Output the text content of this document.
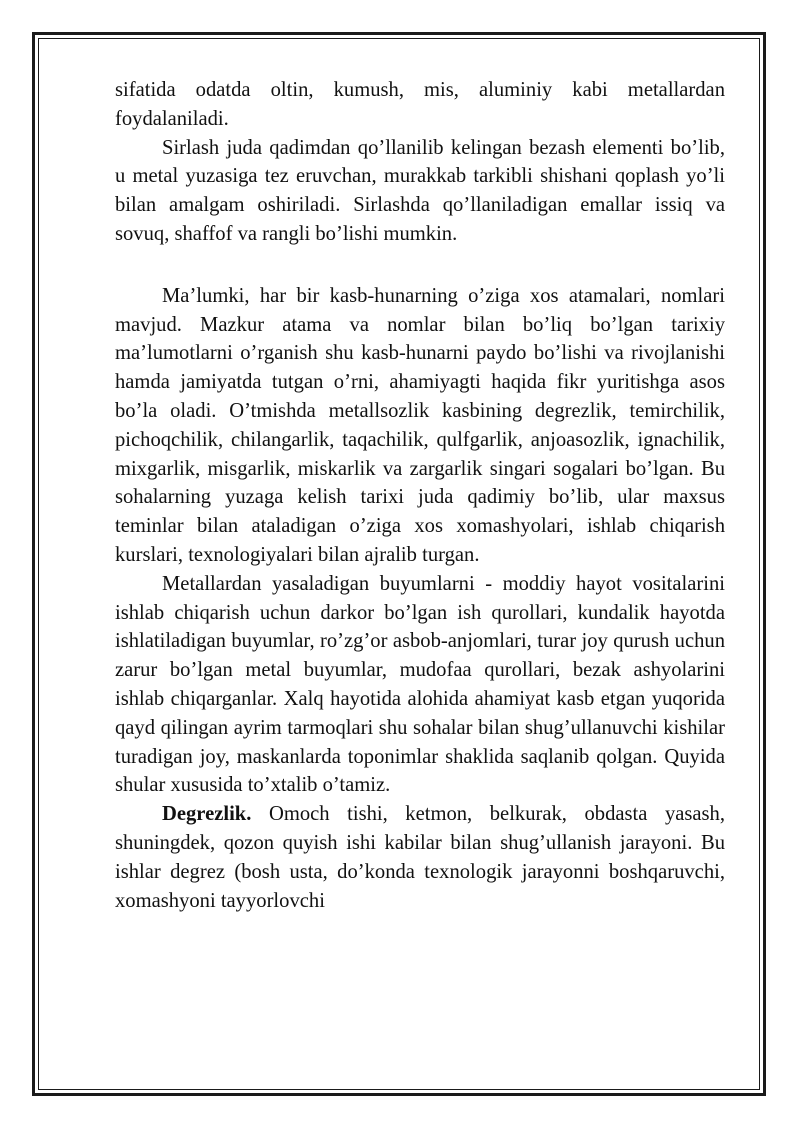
sifatida odatda oltin, kumush, mis, aluminiy kabi metallardan foydalaniladi.

Sirlash juda qadimdan qo’llanilib kelingan bezash elementi bo’lib, u metal yuzasiga tez eruvchan, murakkab tarkibli shishani qoplash yo’li bilan amalgam oshiriladi. Sirlashda qo’llaniladigan emallar issiq va sovuq, shaffof va rangli bo’lishi mumkin.

Ma’lumki, har bir kasb-hunarning o’ziga xos atamalari, nomlari mavjud. Mazkur atama va nomlar bilan bo’liq bo’lgan tarixiy ma’lumotlarni o’rganish shu kasb-hunarni paydo bo’lishi va rivojlanishi hamda jamiyatda tutgan o’rni, ahamiyagti haqida fikr yuritishga asos bo’la oladi. O’tmishda metallsozlik kasbining degrezlik, temirchilik, pichoqchilik, chilangarlik, taqachilik, qulfgarlik, anjoasozlik, ignachilik, mixgarlik, misgarlik, miskarlik va zargarlik singari sogalari bo’lgan. Bu sohalarning yuzaga kelish tarixi juda qadimiy bo’lib, ular maxsus teminlar bilan ataladigan o’ziga xos xomashyolari, ishlab chiqarish kurslari, texnologiyalari bilan ajralib turgan.

Metallardan yasaladigan buyumlarni - moddiy hayot vositalarini ishlab chiqarish uchun darkor bo’lgan ish qurollari, kundalik hayotda ishlatiladigan buyumlar, ro’zg’or asbob-anjomlari, turar joy qurush uchun zarur bo’lgan metal buyumlar, mudofaa qurollari, bezak ashyolarini ishlab chiqarganlar. Xalq hayotida alohida ahamiyat kasb etgan yuqorida qayd qilingan ayrim tarmoqlari shu sohalar bilan shug’ullanuvchi kishilar turadigan joy, maskanlarda toponimlar shaklida saqlanib qolgan. Quyida shular xususida to’xtalib o’tamiz.

Degrezlik. Omoch tishi, ketmon, belkurak, obdasta yasash, shuningdek, qozon quyish ishi kabilar bilan shug’ullanish jarayoni. Bu ishlar degrez (bosh usta, do’konda texnologik jarayonni boshqaruvchi, xomashyoni tayyorlovchi
